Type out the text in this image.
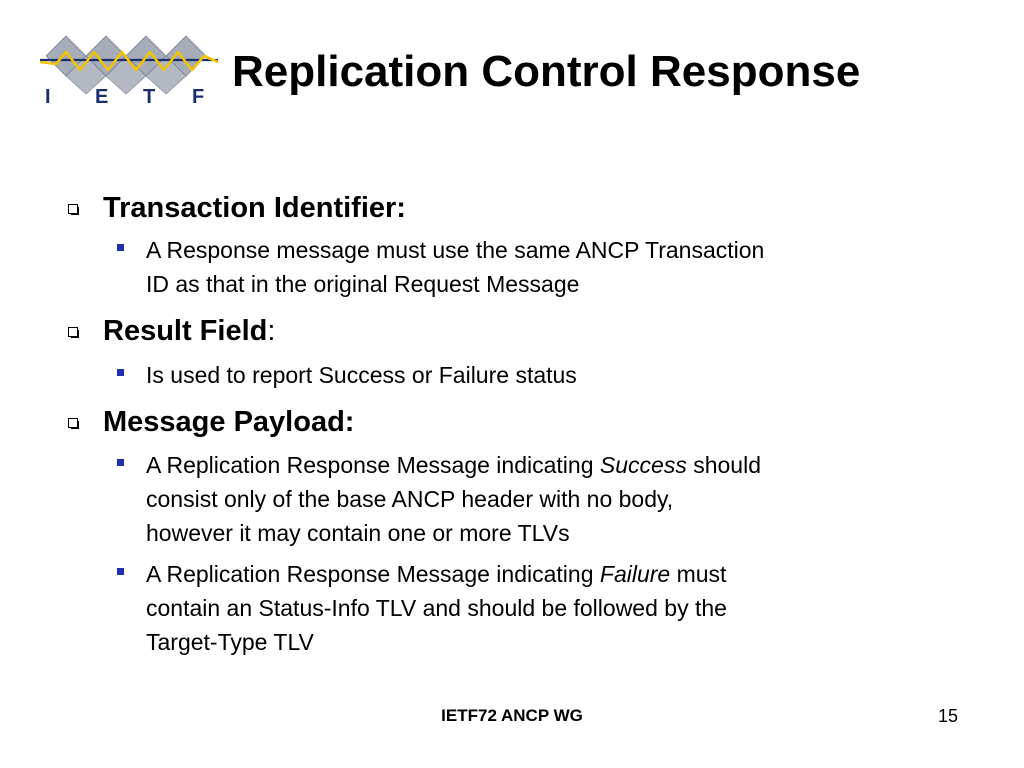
I E T F
Replication Control Response
Transaction Identifier:
A Response message must use the same ANCP Transaction
ID as that in the original Request Message
Result Field:
Is used to report Success or Failure status
Message Payload:
A Replication Response Message indicating Success should
consist only of the base ANCP header with no body,
however it may contain one or more TLVs
A Replication Response Message indicating Failure must
contain an Status-Info TLV and should be followed by the
Target-Type TLV
IETF72 ANCP WG	15
